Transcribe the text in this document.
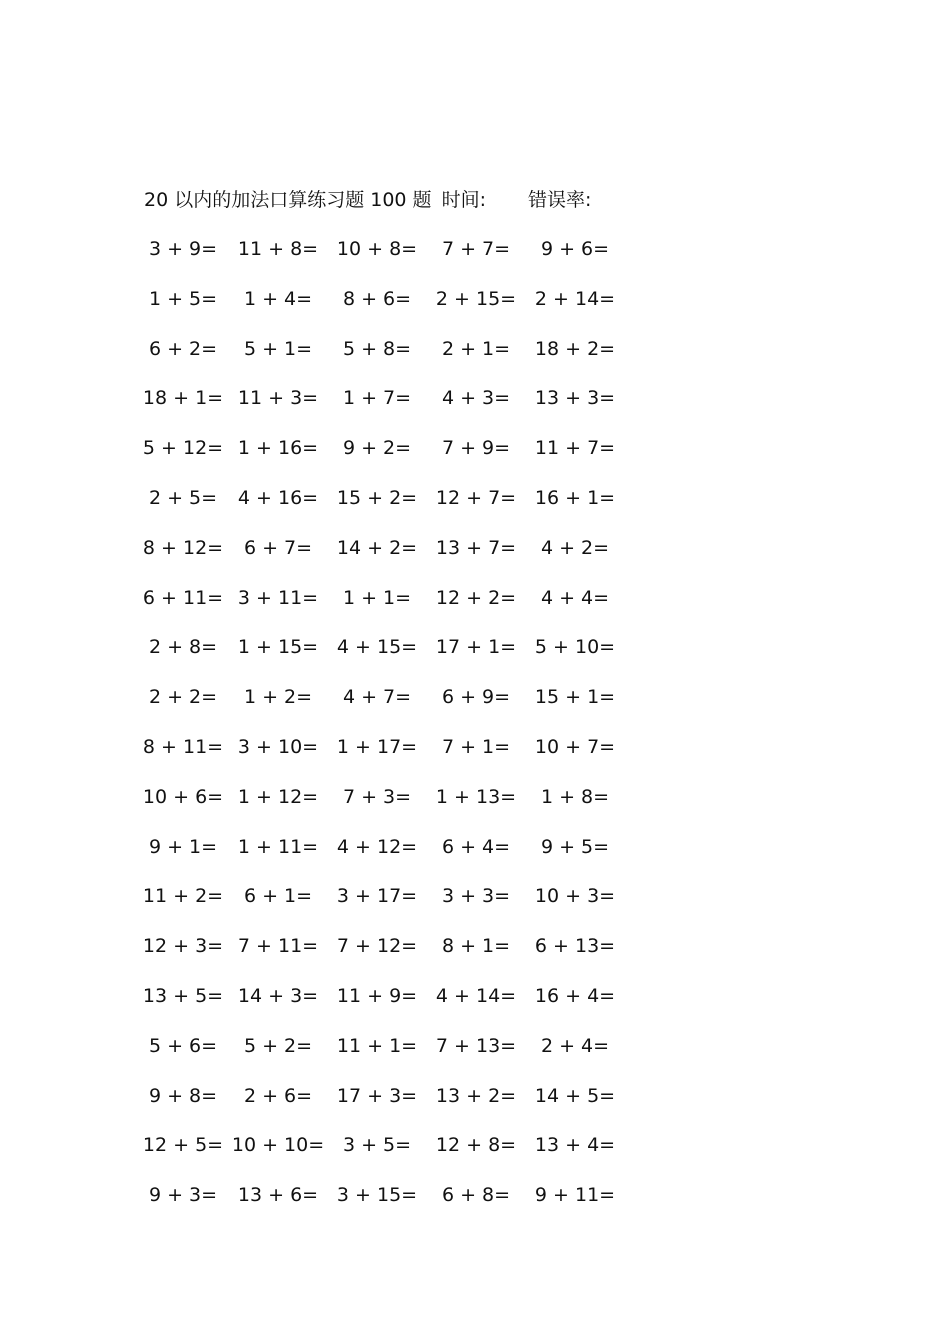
20 以内的加法口算练习题 100 题 时间: 错误率:
3 + 9= 11 + 8= 10 + 8= 7 + 7= 9 + 6=
1 + 5= 1 + 4= 8 + 6= 2 + 15= 2 + 14=
6 + 2= 5 + 1= 5 + 8= 2 + 1= 18 + 2=
18 + 1= 11 + 3= 1 + 7= 4 + 3= 13 + 3=
5 + 12= 1 + 16= 9 + 2= 7 + 9= 11 + 7=
2 + 5= 4 + 16= 15 + 2= 12 + 7= 16 + 1=
8 + 12= 6 + 7= 14 + 2= 13 + 7= 4 + 2=
6 + 11= 3 + 11= 1 + 1= 12 + 2= 4 + 4=
2 + 8= 1 + 15= 4 + 15= 17 + 1= 5 + 10=
2 + 2= 1 + 2= 4 + 7= 6 + 9= 15 + 1=
8 + 11= 3 + 10= 1 + 17= 7 + 1= 10 + 7=
10 + 6= 1 + 12= 7 + 3= 1 + 13= 1 + 8=
9 + 1= 1 + 11= 4 + 12= 6 + 4= 9 + 5=
11 + 2= 6 + 1= 3 + 17= 3 + 3= 10 + 3=
12 + 3= 7 + 11= 7 + 12= 8 + 1= 6 + 13=
13 + 5= 14 + 3= 11 + 9= 4 + 14= 16 + 4=
5 + 6= 5 + 2= 11 + 1= 7 + 13= 2 + 4=
9 + 8= 2 + 6= 17 + 3= 13 + 2= 14 + 5=
12 + 5= 10 + 10= 3 + 5= 12 + 8= 13 + 4=
9 + 3= 13 + 6= 3 + 15= 6 + 8= 9 + 11=
